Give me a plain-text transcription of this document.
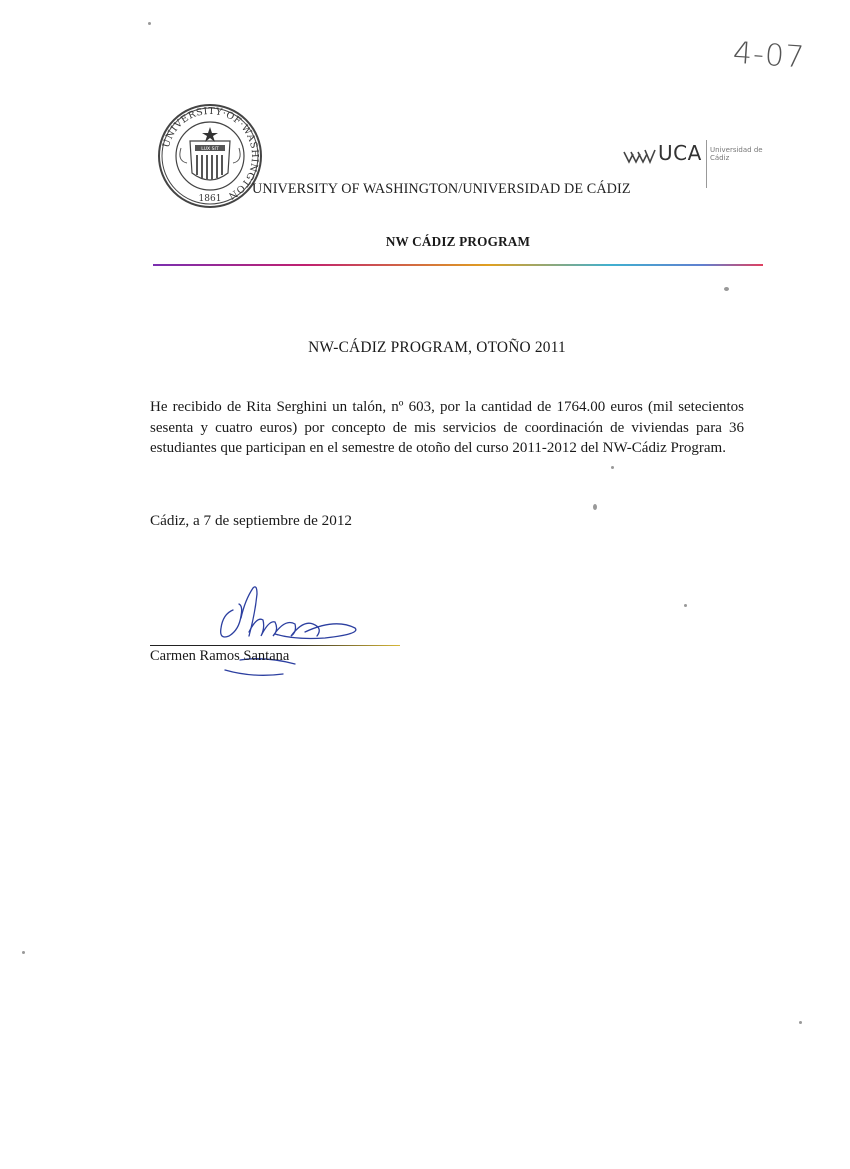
4-07
UNIVERSITY·OF·WASHINGTON
1861
LUX SIT
UNIVERSITY OF WASHINGTON/UNIVERSIDAD DE CÁDIZ
UCA Universidad de Cádiz
NW CÁDIZ PROGRAM
NW-CÁDIZ PROGRAM, OTOÑO 2011
He recibido de Rita Serghini un talón, nº 603, por la cantidad de 1764.00 euros (mil setecientos sesenta y cuatro euros) por concepto de mis servicios de coordinación de viviendas para 36 estudiantes que participan en el semestre de otoño del curso 2011-2012 del NW-Cádiz Program.
Cádiz, a 7 de septiembre de 2012
Carmen Ramos Santana
